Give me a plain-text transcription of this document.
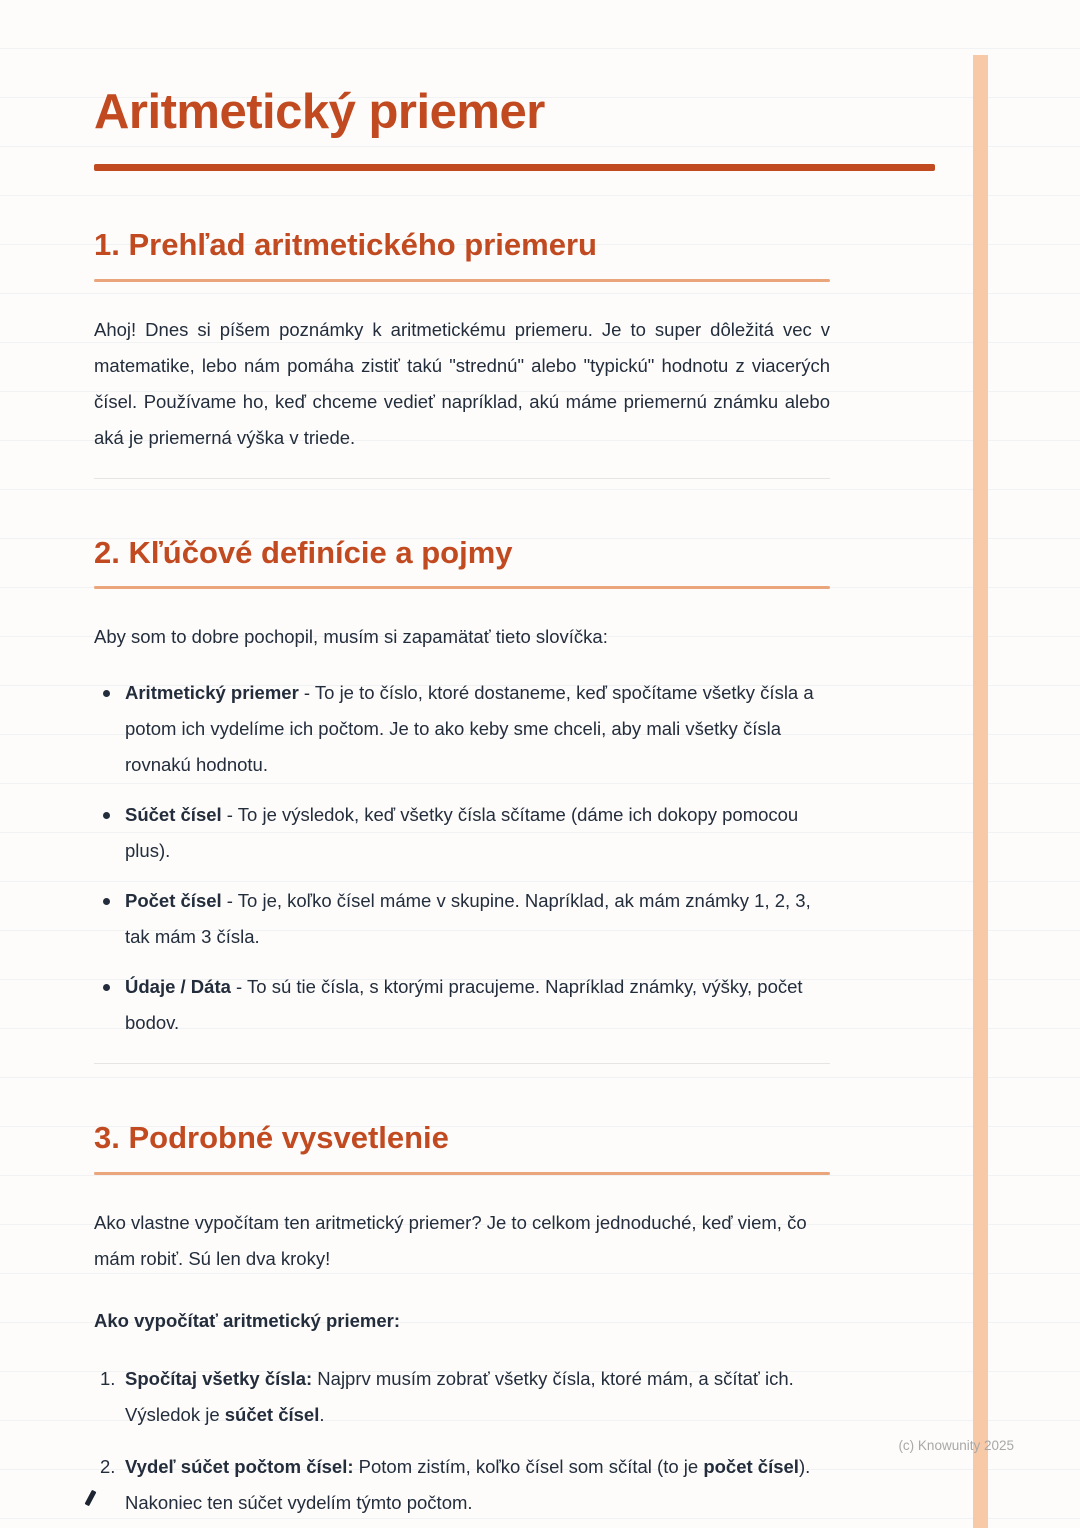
Aritmetický priemer
1. Prehľad aritmetického priemeru

Ahoj! Dnes si píšem poznámky k aritmetickému priemeru. Je to super dôležitá vec v matematike, lebo nám pomáha zistiť takú "strednú" alebo "typickú" hodnotu z viacerých čísel. Používame ho, keď chceme vedieť napríklad, akú máme priemernú známku alebo aká je priemerná výška v triede.

2. Kľúčové definície a pojmy

Aby som to dobre pochopil, musím si zapamätať tieto slovíčka:

Aritmetický priemer - To je to číslo, ktoré dostaneme, keď spočítame všetky čísla a potom ich vydelíme ich počtom. Je to ako keby sme chceli, aby mali všetky čísla rovnakú hodnotu.
Súčet čísel - To je výsledok, keď všetky čísla sčítame (dáme ich dokopy pomocou plus).
Počet čísel - To je, koľko čísel máme v skupine. Napríklad, ak mám známky 1, 2, 3, tak mám 3 čísla.
Údaje / Dáta - To sú tie čísla, s ktorými pracujeme. Napríklad známky, výšky, počet bodov.
3. Podrobné vysvetlenie

Ako vlastne vypočítam ten aritmetický priemer? Je to celkom jednoduché, keď viem, čo mám robiť. Sú len dva kroky!

Ako vypočítať aritmetický priemer:

Spočítaj všetky čísla: Najprv musím zobrať všetky čísla, ktoré mám, a sčítať ich. Výsledok je súčet čísel.
Vydeľ súčet počtom čísel: Potom zistím, koľko čísel som sčítal (to je počet čísel). Nakoniec ten súčet vydelím týmto počtom.
(c) Knowunity 2025
